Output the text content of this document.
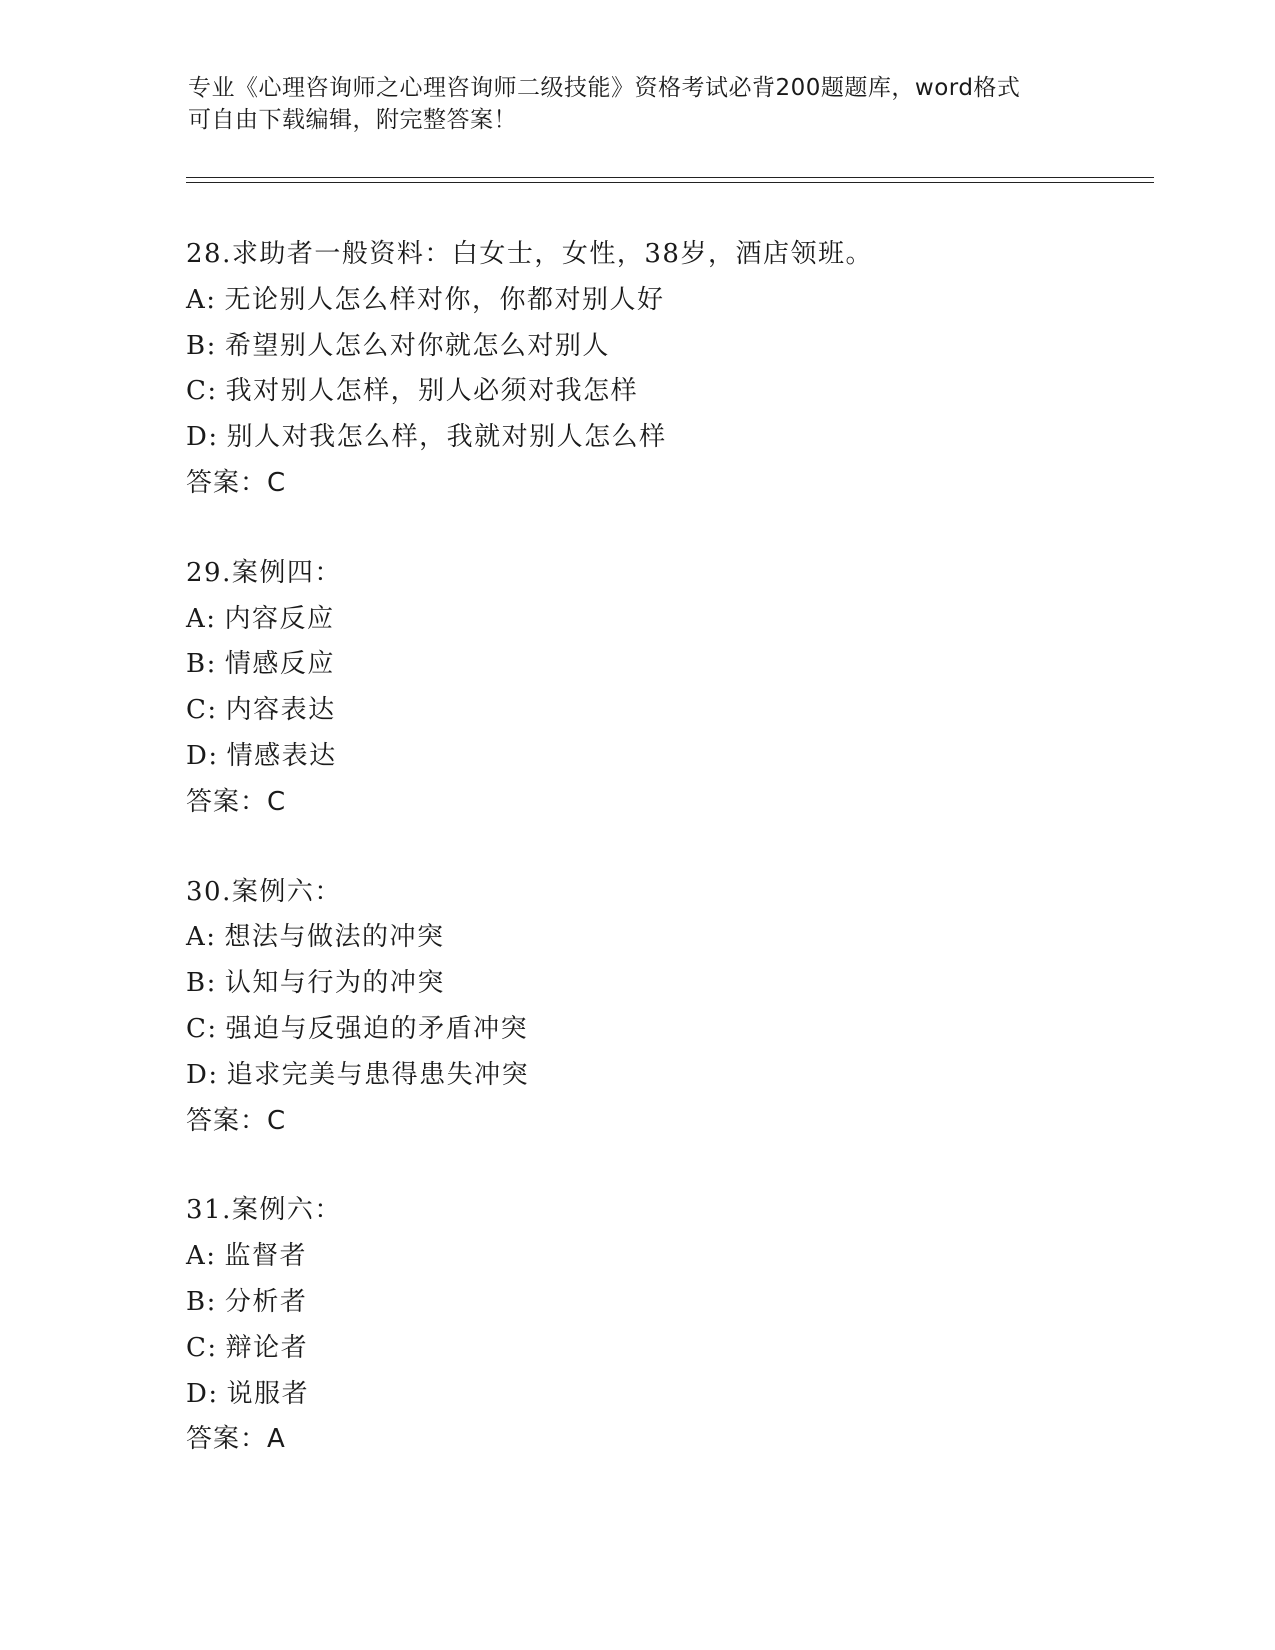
专业《心理咨询师之心理咨询师二级技能》资格考试必背200题题库，word格式
可自由下载编辑，附完整答案！
28.求助者一般资料：白女士，女性，38岁，酒店领班。
A: 无论别人怎么样对你，你都对别人好
B: 希望别人怎么对你就怎么对别人
C: 我对别人怎样，别人必须对我怎样
D: 别人对我怎么样，我就对别人怎么样
答案：C
29.案例四：
A: 内容反应
B: 情感反应
C: 内容表达
D: 情感表达
答案：C
30.案例六：
A: 想法与做法的冲突
B: 认知与行为的冲突
C: 强迫与反强迫的矛盾冲突
D: 追求完美与患得患失冲突
答案：C
31.案例六：
A: 监督者
B: 分析者
C: 辩论者
D: 说服者
答案：A
